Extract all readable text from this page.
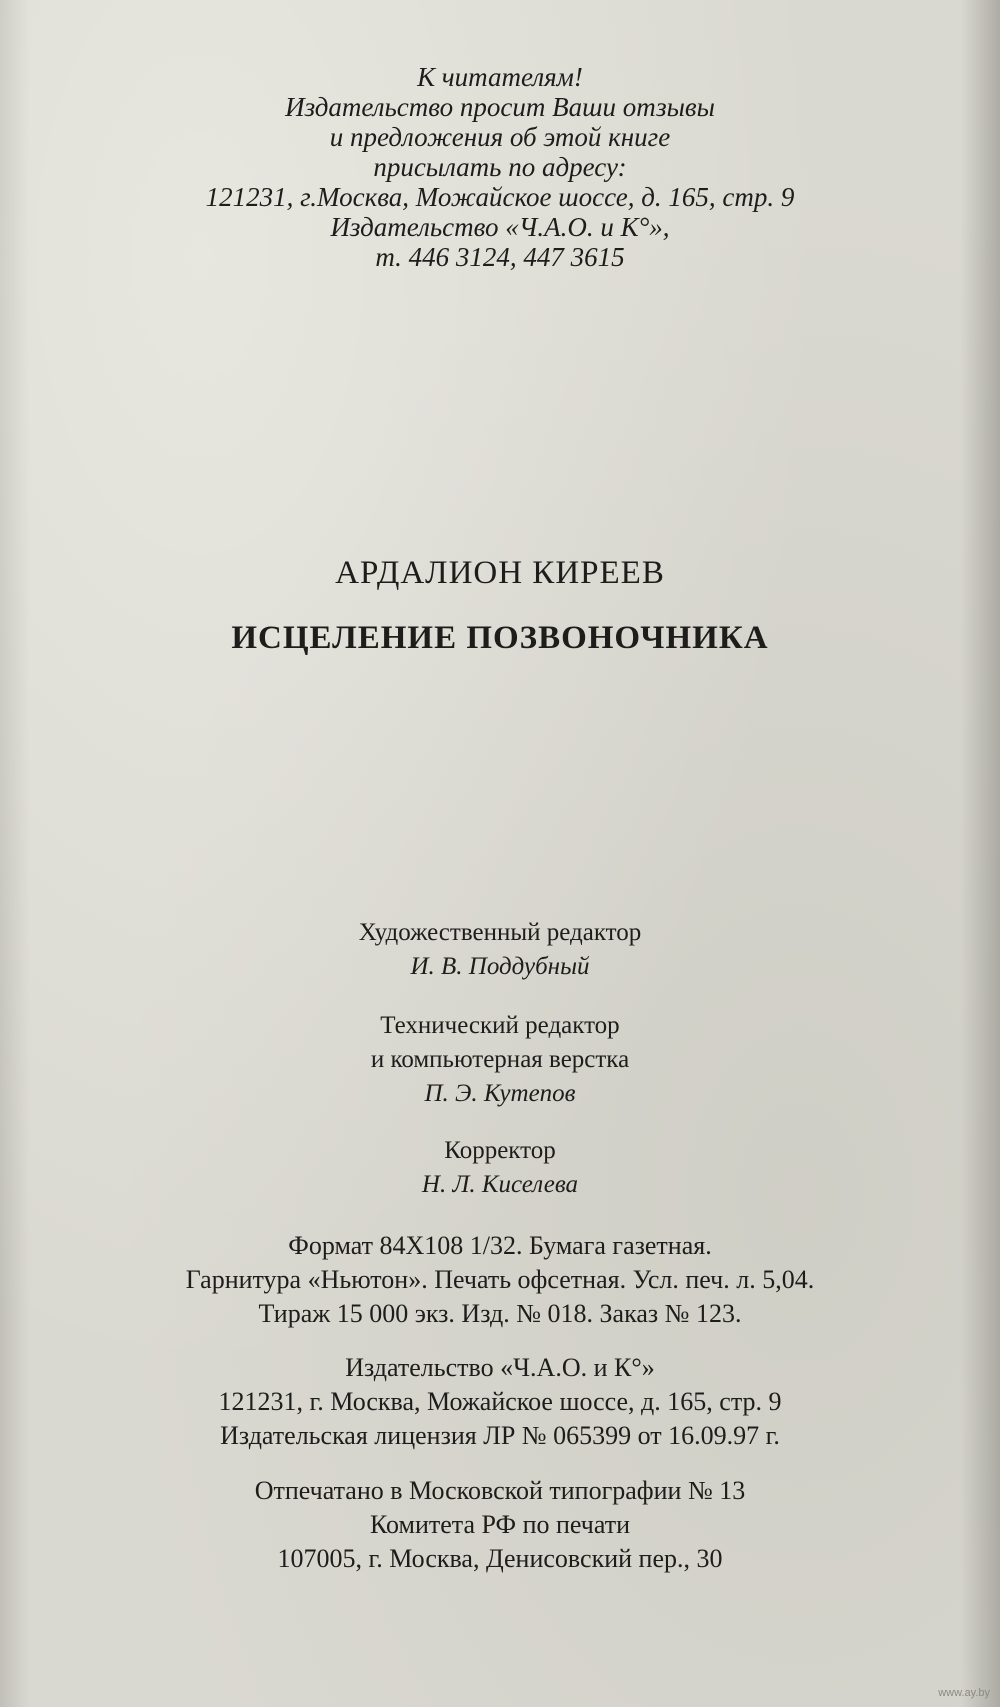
К читателям!
Издательство просит Ваши отзывы
и предложения об этой книге
присылать по адресу:
121231, г.Москва, Можайское шоссе, д. 165, стр. 9
Издательство «Ч.А.О. и К°»,
т. 446 3124, 447 3615
АРДАЛИОН КИРЕЕВ
ИСЦЕЛЕНИЕ ПОЗВОНОЧНИКА
Художественный редактор
И. В. Поддубный
Технический редактор
и компьютерная верстка
П. Э. Кутепов
Корректор
Н. Л. Киселева
Формат 84Х108 1/32. Бумага газетная.
Гарнитура «Ньютон». Печать офсетная. Усл. печ. л. 5,04.
Тираж 15 000 экз. Изд. № 018. Заказ № 123.
Издательство «Ч.А.О. и К°»
121231, г. Москва, Можайское шоссе, д. 165, стр. 9
Издательская лицензия ЛР № 065399 от 16.09.97 г.
Отпечатано в Московской типографии № 13
Комитета РФ по печати
107005, г. Москва, Денисовский пер., 30
www.ay.by
